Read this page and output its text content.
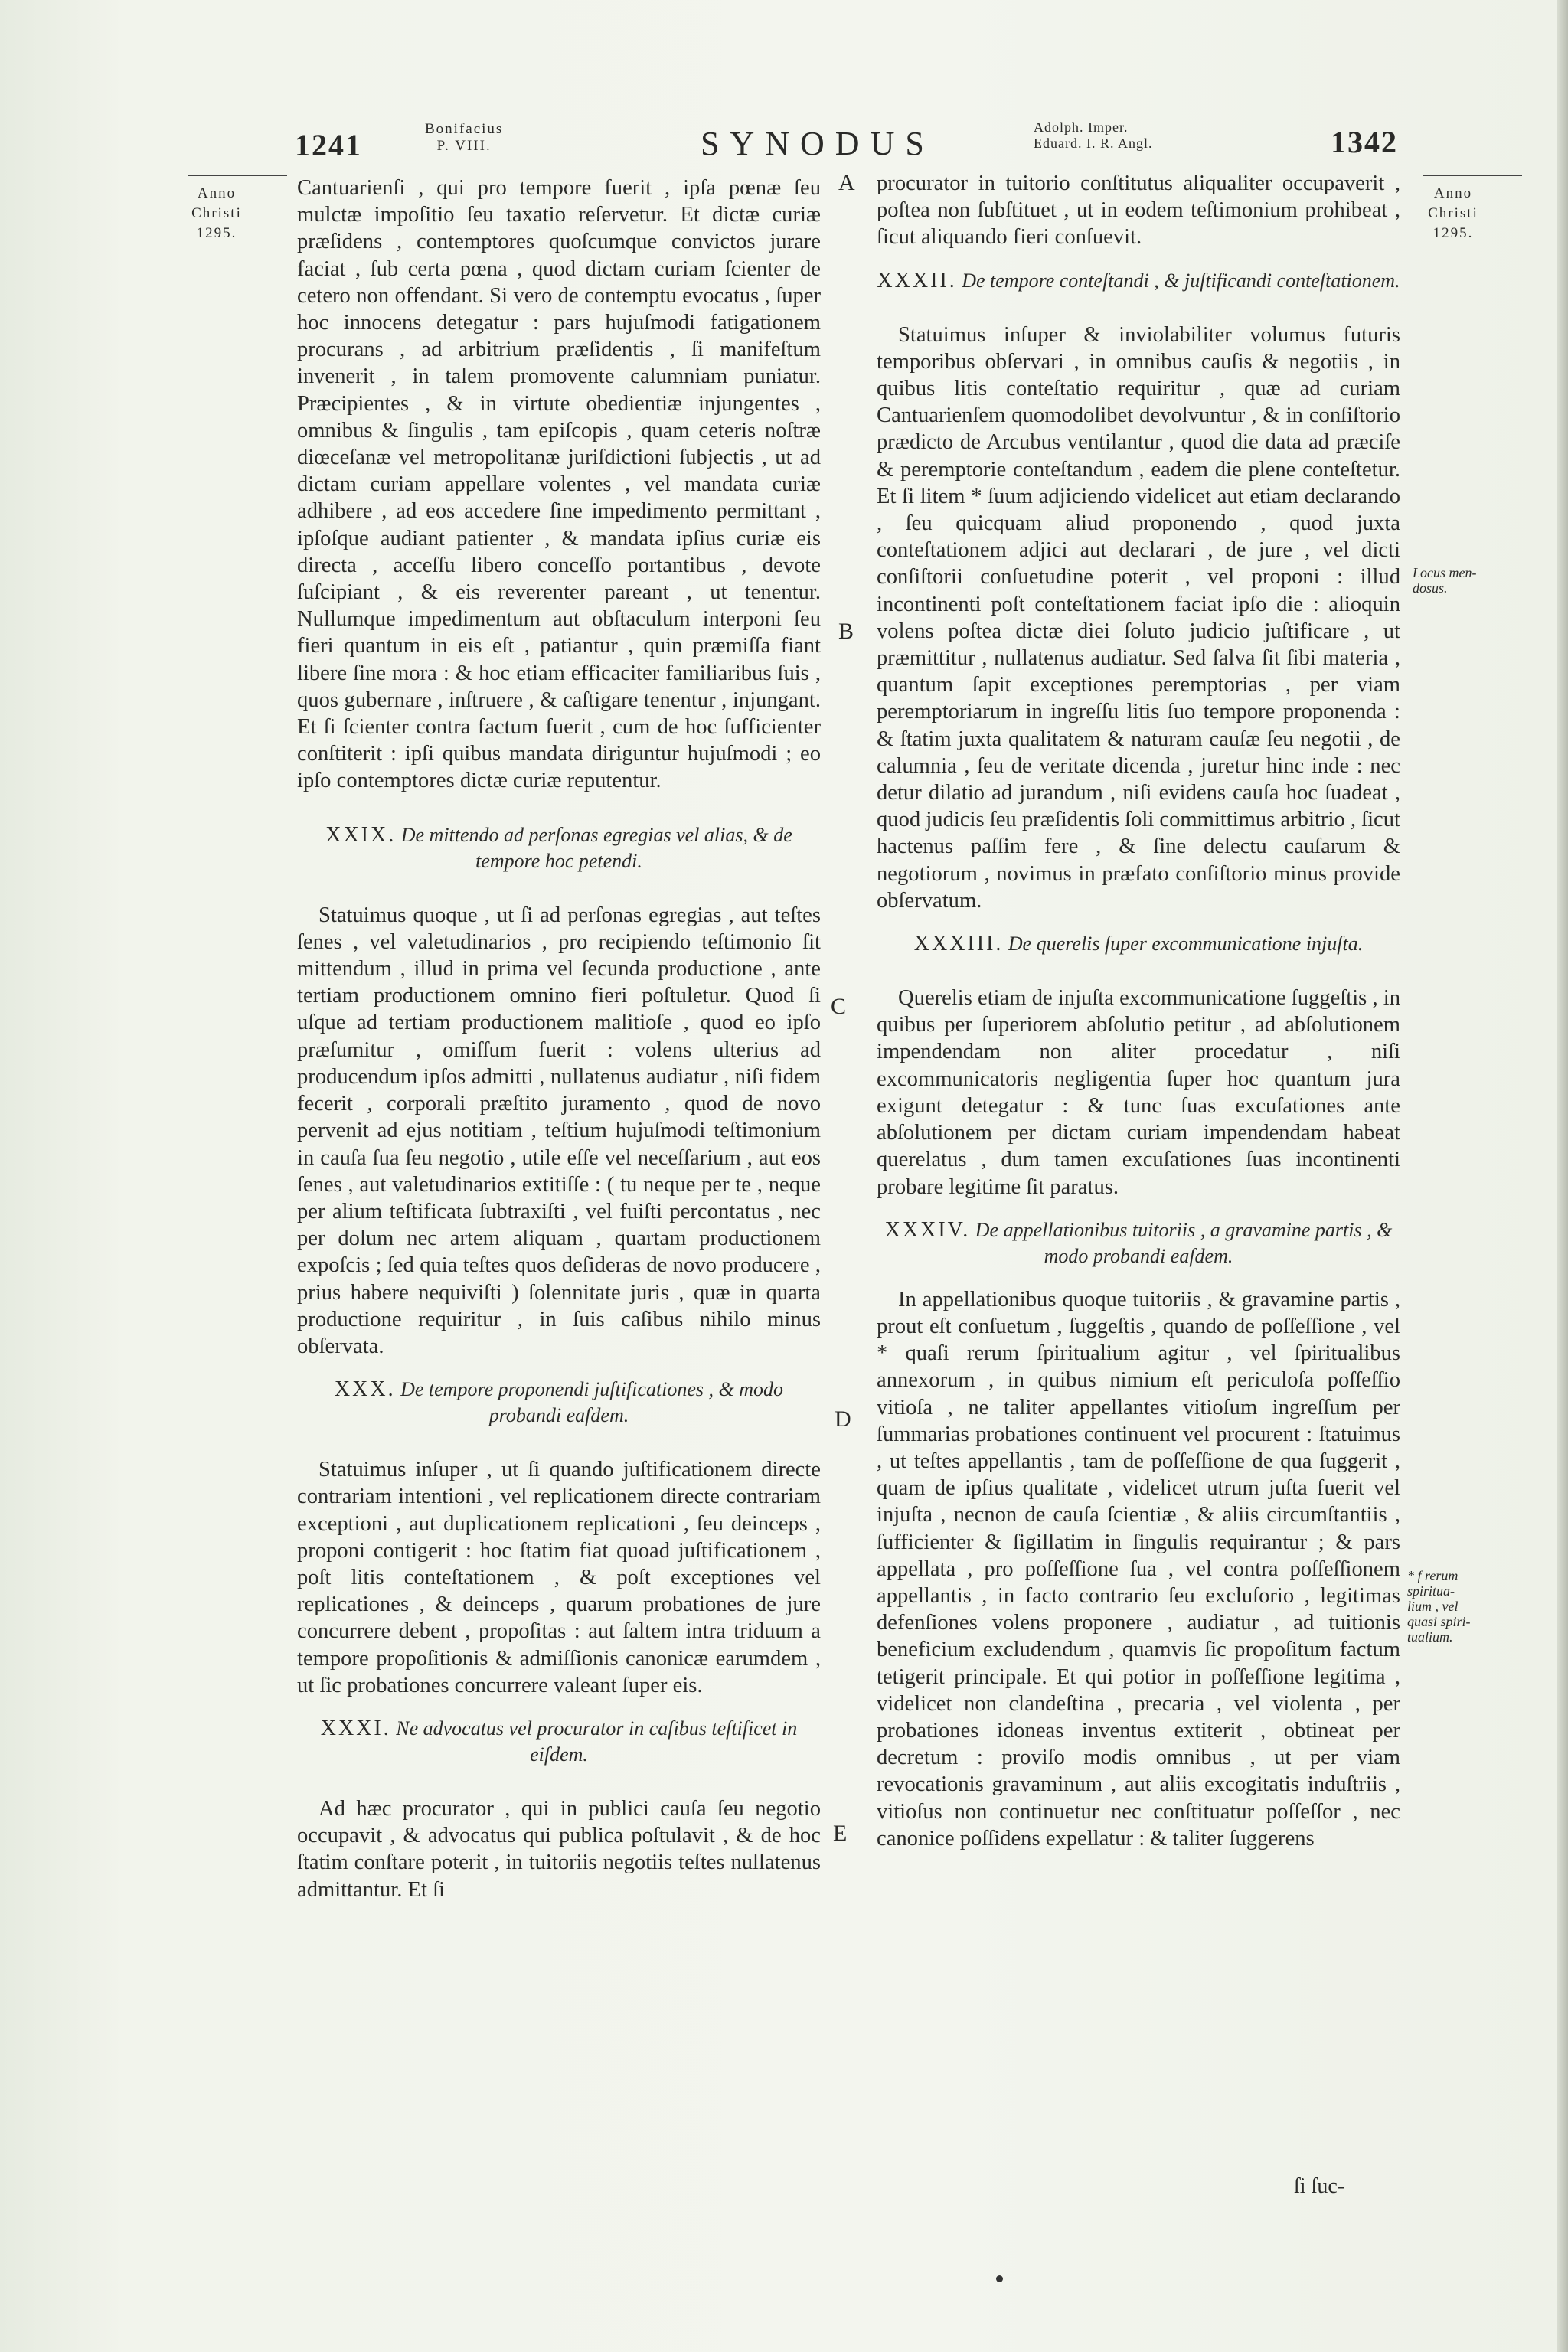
1241	Bonifacius
P. VIII.	SYNODUS	Adolph. Imper.
Eduard. I. R. Angl.	1342
Anno
Christi
1295.
Anno
Christi
1295.
A
B
C
D
E
Locus men-
dosus.
* f rerum
spiritua-
lium , vel
quasi spiri-
tualium.

Cantuarienſi , qui pro tempore fuerit , ipſa pœnæ ſeu mulctæ impoſitio ſeu taxatio reſervetur. Et dictæ curiæ præſidens , contemptores quoſcumque convictos jurare faciat , ſub certa pœna , quod dictam curiam ſcienter de cetero non offendant. Si vero de contemptu evocatus , ſuper hoc innocens detegatur : pars hujuſmodi fatigationem procurans , ad arbitrium præſidentis , ſi manifeſtum invenerit , in talem promovente calumniam puniatur. Præcipientes , & in virtute obedientiæ injungentes , omnibus & ſingulis , tam epiſcopis , quam ceteris noſtræ diœceſanæ vel metropolitanæ juriſdictioni ſubjectis , ut ad dictam curiam appellare volentes , vel mandata curiæ adhibere , ad eos accedere ſine impedimento permittant , ipſoſque audiant patienter , & mandata ipſius curiæ eis directa , acceſſu libero conceſſo portantibus , devote ſuſcipiant , & eis reverenter pareant , ut tenentur. Nullumque impedimentum aut obſtaculum interponi ſeu fieri quantum in eis eſt , patiantur , quin præmiſſa fiant libere ſine mora : & hoc etiam efficaciter familiaribus ſuis , quos gubernare , inſtruere , & caſtigare tenentur , injungant. Et ſi ſcienter contra factum fuerit , cum de hoc ſufficienter conſtiterit : ipſi quibus mandata diriguntur hujuſmodi ; eo ipſo contemptores dictæ curiæ reputentur.

XXIX. De mittendo ad perſonas egregias vel alias, & de tempore hoc petendi.

Statuimus quoque , ut ſi ad perſonas egregias , aut teſtes ſenes , vel valetudinarios , pro recipiendo teſtimonio ſit mittendum , illud in prima vel ſecunda productione , ante tertiam productionem omnino fieri poſtuletur. Quod ſi uſque ad tertiam productionem malitioſe , quod eo ipſo præſumitur , omiſſum fuerit : volens ulterius ad producendum ipſos admitti , nullatenus audiatur , niſi fidem fecerit , corporali præſtito juramento , quod de novo pervenit ad ejus notitiam , teſtium hujuſmodi teſtimonium in cauſa ſua ſeu negotio , utile eſſe vel neceſſarium , aut eos ſenes , aut valetudinarios extitiſſe : ( tu neque per te , neque per alium teſtificata ſubtraxiſti , vel fuiſti percontatus , nec per dolum nec artem aliquam , quartam productionem expoſcis ; ſed quia teſtes quos deſideras de novo producere , prius habere nequiviſti ) ſolennitate juris , quæ in quarta productione requiritur , in ſuis caſibus nihilo minus obſervata.

XXX. De tempore proponendi juſtificationes , & modo probandi eaſdem.

Statuimus inſuper , ut ſi quando juſtificationem directe contrariam intentioni , vel replicationem directe contrariam exceptioni , aut duplicationem replicationi , ſeu deinceps , proponi contigerit : hoc ſtatim fiat quoad juſtificationem , poſt litis conteſtationem , & poſt exceptiones vel replicationes , & deinceps , quarum probationes de jure concurrere debent , propoſitas : aut ſaltem intra triduum a tempore propoſitionis & admiſſionis canonicæ earumdem , ut ſic probationes concurrere valeant ſuper eis.

XXXI. Ne advocatus vel procurator in caſibus teſtificet in eiſdem.

Ad hæc procurator , qui in publici cauſa ſeu negotio occupavit , & advocatus qui publica poſtulavit , & de hoc ſtatim conſtare poterit , in tuitoriis negotiis teſtes nullatenus admittantur. Et ſi

procurator in tuitorio conſtitutus aliqualiter occupaverit , poſtea non ſubſtituet , ut in eodem teſtimonium prohibeat , ſicut aliquando fieri conſuevit.

XXXII. De tempore conteſtandi , & juſtificandi conteſtationem.

Statuimus inſuper & inviolabiliter volumus futuris temporibus obſervari , in omnibus cauſis & negotiis , in quibus litis conteſtatio requiritur , quæ ad curiam Cantuarienſem quomodolibet devolvuntur , & in conſiſtorio prædicto de Arcubus ventilantur , quod die data ad præciſe & peremptorie conteſtandum , eadem die plene conteſtetur. Et ſi litem * ſuum adjiciendo videlicet aut etiam declarando , ſeu quicquam aliud proponendo , quod juxta conteſtationem adjici aut declarari , de jure , vel dicti conſiſtorii conſuetudine poterit , vel proponi : illud incontinenti poſt conteſtationem faciat ipſo die : alioquin volens poſtea dictæ diei ſoluto judicio juſtificare , ut præmittitur , nullatenus audiatur. Sed ſalva ſit ſibi materia , quantum ſapit exceptiones peremptorias , per viam peremptoriarum in ingreſſu litis ſuo tempore proponenda : & ſtatim juxta qualitatem & naturam cauſæ ſeu negotii , de calumnia , ſeu de veritate dicenda , juretur hinc inde : nec detur dilatio ad jurandum , niſi evidens cauſa hoc ſuadeat , quod judicis ſeu præſidentis ſoli committimus arbitrio , ſicut hactenus paſſim fere , & ſine delectu cauſarum & negotiorum , novimus in præfato conſiſtorio minus provide obſervatum.

XXXIII. De querelis ſuper excommunicatione injuſta.

Querelis etiam de injuſta excommunicatione ſuggeſtis , in quibus per ſuperiorem abſolutio petitur , ad abſolutionem impendendam non aliter procedatur , niſi excommunicatoris negligentia ſuper hoc quantum jura exigunt detegatur : & tunc ſuas excuſationes ante abſolutionem per dictam curiam impendendam habeat querelatus , dum tamen excuſationes ſuas incontinenti probare legitime ſit paratus.

XXXIV. De appellationibus tuitoriis , a gravamine partis , & modo probandi eaſdem.

In appellationibus quoque tuitoriis , & gravamine partis , prout eſt conſuetum , ſuggeſtis , quando de poſſeſſione , vel * quaſi rerum ſpiritualium agitur , vel ſpiritualibus annexorum , in quibus nimium eſt periculoſa poſſeſſio vitioſa , ne taliter appellantes vitioſum ingreſſum per ſummarias probationes continuent vel procurent : ſtatuimus , ut teſtes appellantis , tam de poſſeſſione de qua ſuggerit , quam de ipſius qualitate , videlicet utrum juſta fuerit vel injuſta , necnon de cauſa ſcientiæ , & aliis circumſtantiis , ſufficienter & ſigillatim in ſingulis requirantur ; & pars appellata , pro poſſeſſione ſua , vel contra poſſeſſionem appellantis , in facto contrario ſeu excluſorio , legitimas defenſiones volens proponere , audiatur , ad tuitionis beneficium excludendum , quamvis ſic propoſitum factum tetigerit principale. Et qui potior in poſſeſſione legitima , videlicet non clandeſtina , precaria , vel violenta , per probationes idoneas inventus extiterit , obtineat per decretum : proviſo modis omnibus , ut per viam revocationis gravaminum , aut aliis excogitatis induſtriis , vitioſus non continuetur nec conſtituatur poſſeſſor , nec canonice poſſidens expellatur : & taliter ſuggerens

ſi ſuc-
